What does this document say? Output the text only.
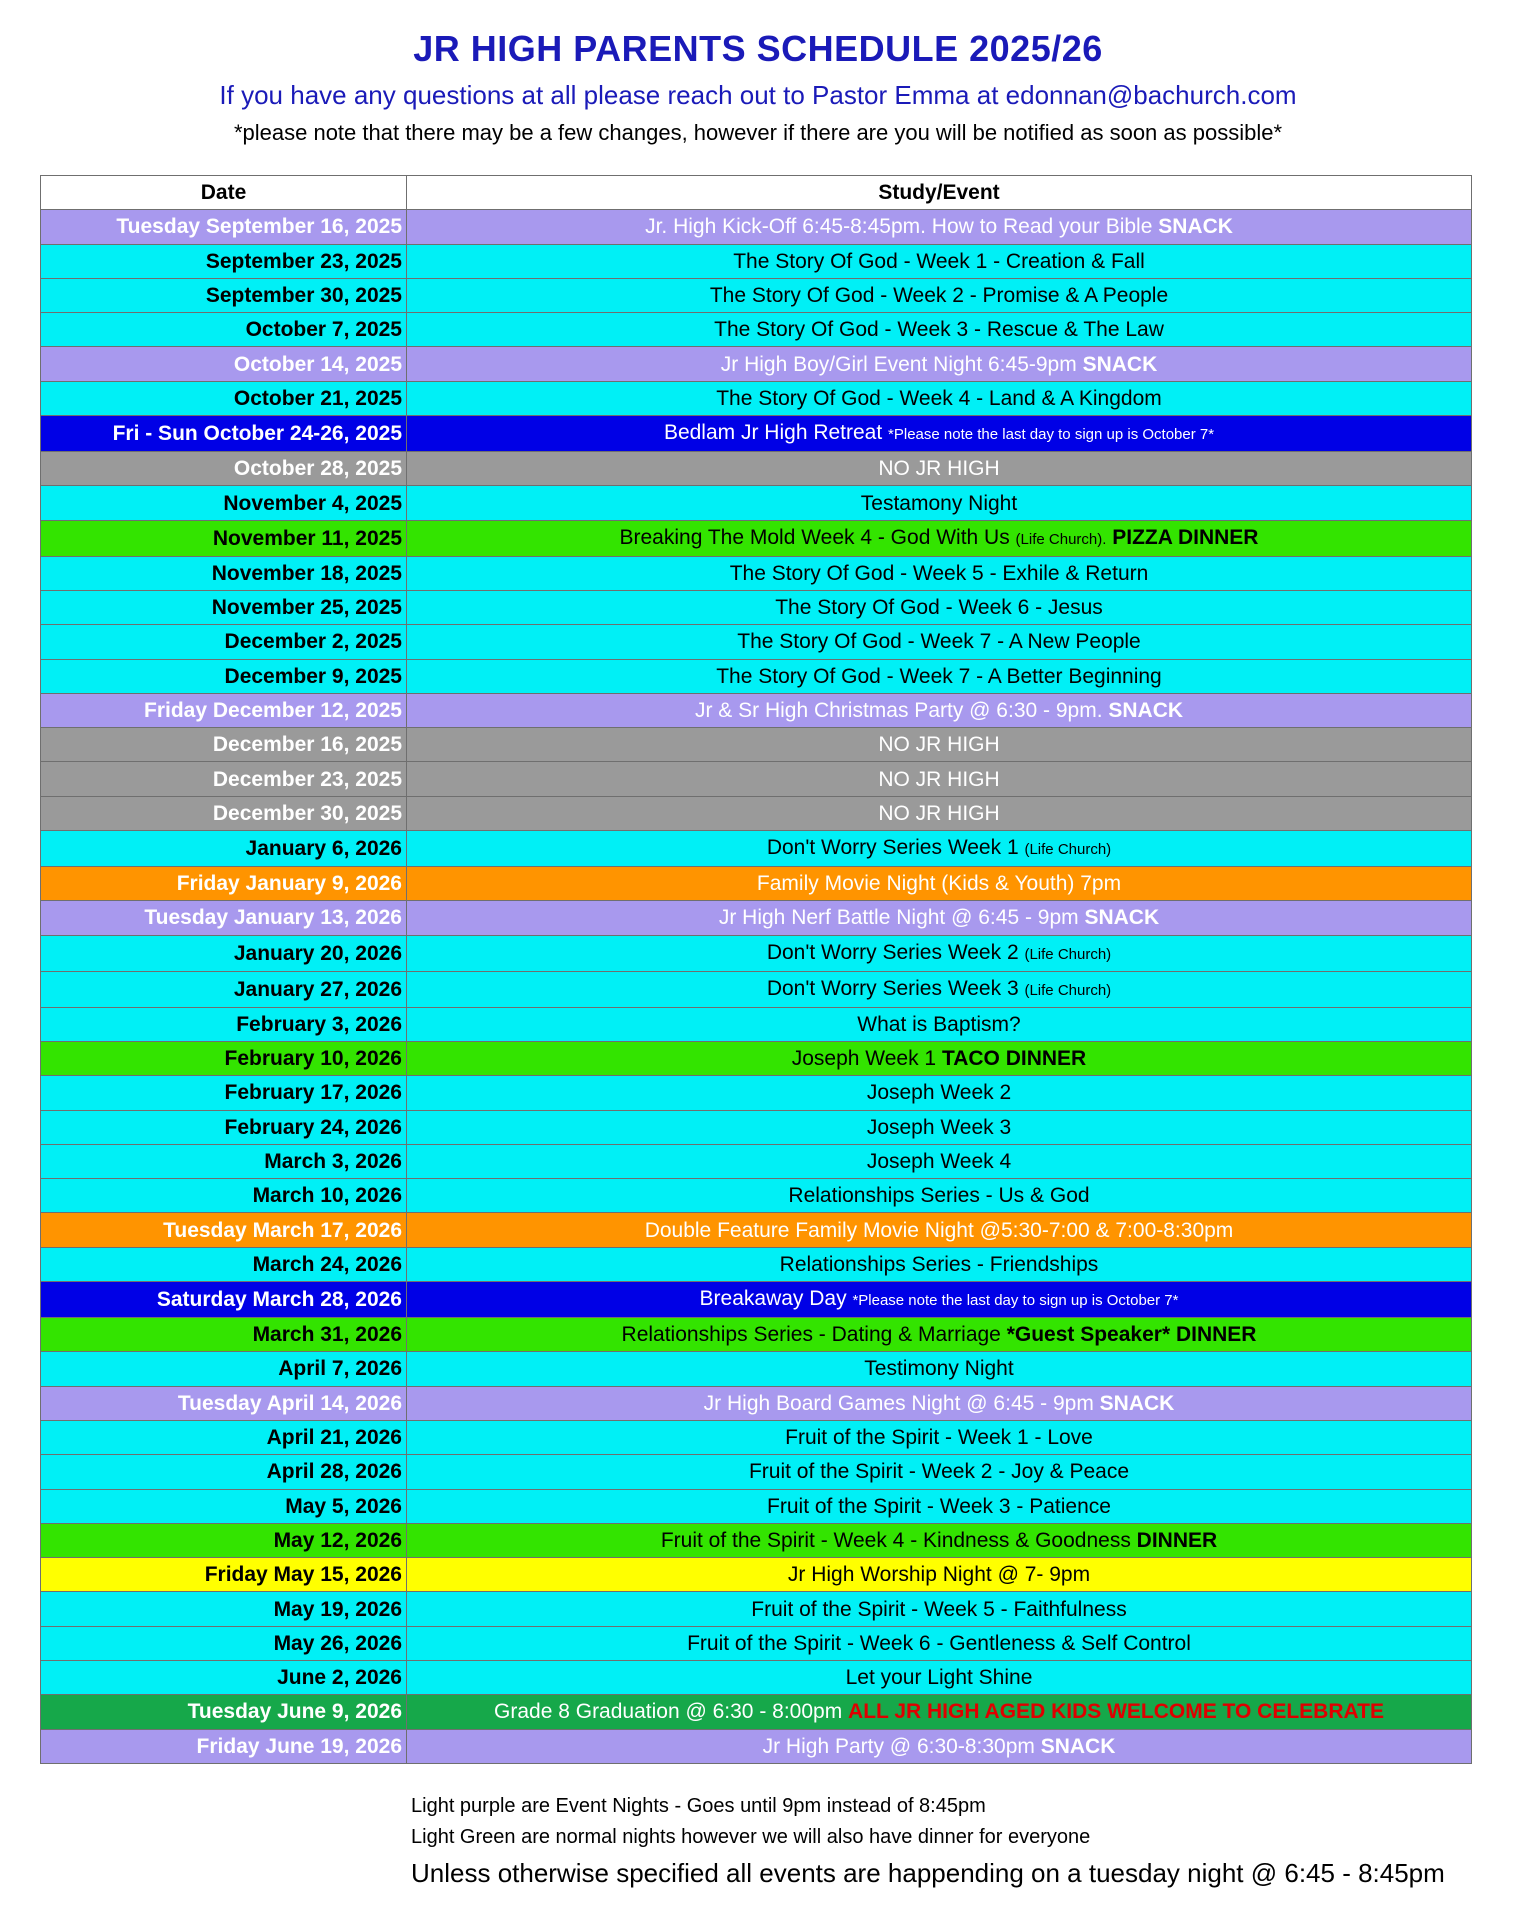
JR HIGH PARENTS SCHEDULE 2025/26
If you have any questions at all please reach out to Pastor Emma at edonnan@bachurch.com
*please note that there may be a few changes, however if there are you will be notified as soon as possible*
Date	Study/Event
Tuesday September 16, 2025	Jr. High Kick-Off 6:45-8:45pm. How to Read your Bible SNACK
September 23, 2025	The Story Of God - Week 1 - Creation & Fall
September 30, 2025	The Story Of God - Week 2 - Promise & A People
October 7, 2025	The Story Of God - Week 3 - Rescue & The Law
October 14, 2025	Jr High Boy/Girl Event Night 6:45-9pm SNACK
October 21, 2025	The Story Of God - Week 4 - Land & A Kingdom
Fri - Sun October 24-26, 2025	Bedlam Jr High Retreat *Please note the last day to sign up is October 7*
October 28, 2025	NO JR HIGH
November 4, 2025	Testamony Night
November 11, 2025	Breaking The Mold Week 4 - God With Us (Life Church). PIZZA DINNER
November 18, 2025	The Story Of God - Week 5 - Exhile & Return
November 25, 2025	The Story Of God - Week 6 - Jesus
December 2, 2025	The Story Of God - Week 7 - A New People
December 9, 2025	The Story Of God - Week 7 - A Better Beginning
Friday December 12, 2025	Jr & Sr High Christmas Party @ 6:30 - 9pm. SNACK
December 16, 2025	NO JR HIGH
December 23, 2025	NO JR HIGH
December 30, 2025	NO JR HIGH
January 6, 2026	Don't Worry Series Week 1 (Life Church)
Friday January 9, 2026	Family Movie Night (Kids & Youth) 7pm
Tuesday January 13, 2026	Jr High Nerf Battle Night @ 6:45 - 9pm SNACK
January 20, 2026	Don't Worry Series Week 2 (Life Church)
January 27, 2026	Don't Worry Series Week 3 (Life Church)
February 3, 2026	What is Baptism?
February 10, 2026	Joseph Week 1 TACO DINNER
February 17, 2026	Joseph Week 2
February 24, 2026	Joseph Week 3
March 3, 2026	Joseph Week 4
March 10, 2026	Relationships Series - Us & God
Tuesday March 17, 2026	Double Feature Family Movie Night @5:30-7:00 & 7:00-8:30pm
March 24, 2026	Relationships Series - Friendships
Saturday March 28, 2026	Breakaway Day *Please note the last day to sign up is October 7*
March 31, 2026	Relationships Series - Dating & Marriage *Guest Speaker* DINNER
April 7, 2026	Testimony Night
Tuesday April 14, 2026	Jr High Board Games Night @ 6:45 - 9pm SNACK
April 21, 2026	Fruit of the Spirit - Week 1 - Love
April 28, 2026	Fruit of the Spirit - Week 2 - Joy & Peace
May 5, 2026	Fruit of the Spirit - Week 3 - Patience
May 12, 2026	Fruit of the Spirit - Week 4 - Kindness & Goodness DINNER
Friday May 15, 2026	Jr High Worship Night @ 7- 9pm
May 19, 2026	Fruit of the Spirit - Week 5 - Faithfulness
May 26, 2026	Fruit of the Spirit - Week 6 - Gentleness & Self Control
June 2, 2026	Let your Light Shine
Tuesday June 9, 2026	Grade 8 Graduation @ 6:30 - 8:00pm ALL JR HIGH AGED KIDS WELCOME TO CELEBRATE
Friday June 19, 2026	Jr High Party @ 6:30-8:30pm SNACK
Light purple are Event Nights - Goes until 9pm instead of 8:45pm
Light Green are normal nights however we will also have dinner for everyone
Unless otherwise specified all events are happending on a tuesday night @ 6:45 - 8:45pm
